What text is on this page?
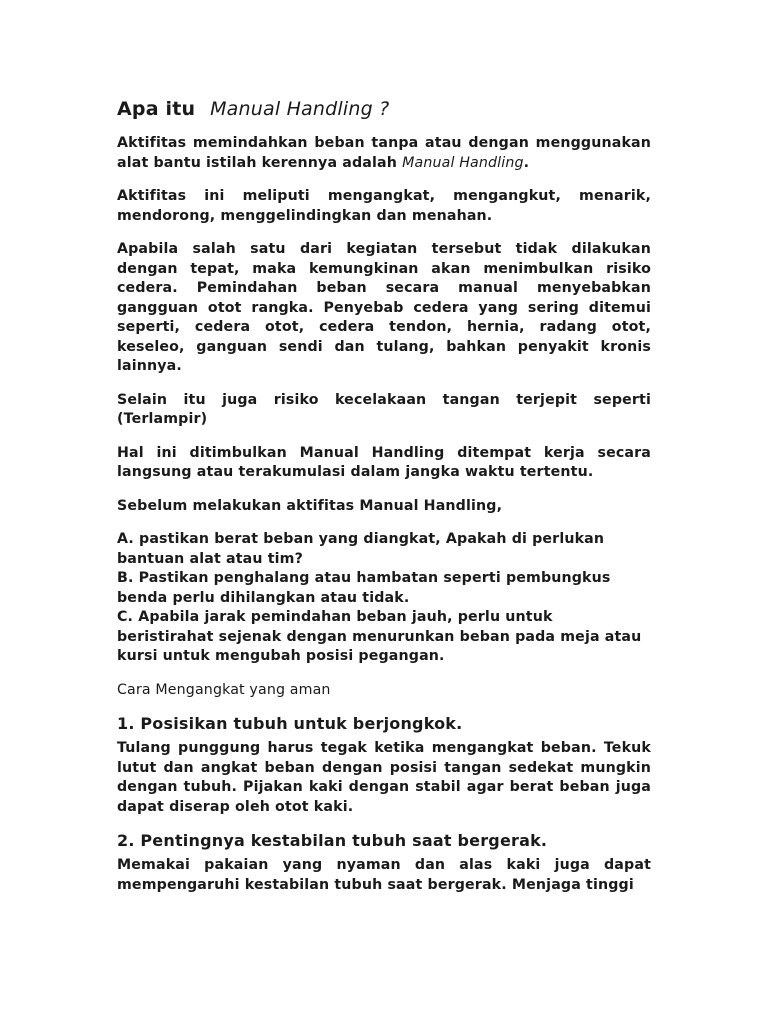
Apa itu Manual Handling ?

Aktifitas memindahkan beban tanpa atau dengan menggunakan alat bantu istilah kerennya adalah Manual Handling.

Aktifitas ini meliputi mengangkat, mengangkut, menarik, mendorong, menggelindingkan dan menahan.

Apabila salah satu dari kegiatan tersebut tidak dilakukan dengan tepat, maka kemungkinan akan menimbulkan risiko cedera. Pemindahan beban secara manual menyebabkan gangguan otot rangka. Penyebab cedera yang sering ditemui seperti, cedera otot, cedera tendon, hernia, radang otot, keseleo, ganguan sendi dan tulang, bahkan penyakit kronis lainnya.

Selain itu juga risiko kecelakaan tangan terjepit seperti (Terlampir)

Hal ini ditimbulkan Manual Handling ditempat kerja secara langsung atau terakumulasi dalam jangka waktu tertentu.

Sebelum melakukan aktifitas Manual Handling,

A. pastikan berat beban yang diangkat, Apakah di perlukan bantuan alat atau tim?

B. Pastikan penghalang atau hambatan seperti pembungkus benda perlu dihilangkan atau tidak.

C. Apabila jarak pemindahan beban jauh, perlu untuk beristirahat sejenak dengan menurunkan beban pada meja atau kursi untuk mengubah posisi pegangan.

Cara Mengangkat yang aman

1. Posisikan tubuh untuk berjongkok.

Tulang punggung harus tegak ketika mengangkat beban. Tekuk lutut dan angkat beban dengan posisi tangan sedekat mungkin dengan tubuh. Pijakan kaki dengan stabil agar berat beban juga dapat diserap oleh otot kaki.

2. Pentingnya kestabilan tubuh saat bergerak.

Memakai pakaian yang nyaman dan alas kaki juga dapat mempengaruhi kestabilan tubuh saat bergerak. Menjaga tinggi
